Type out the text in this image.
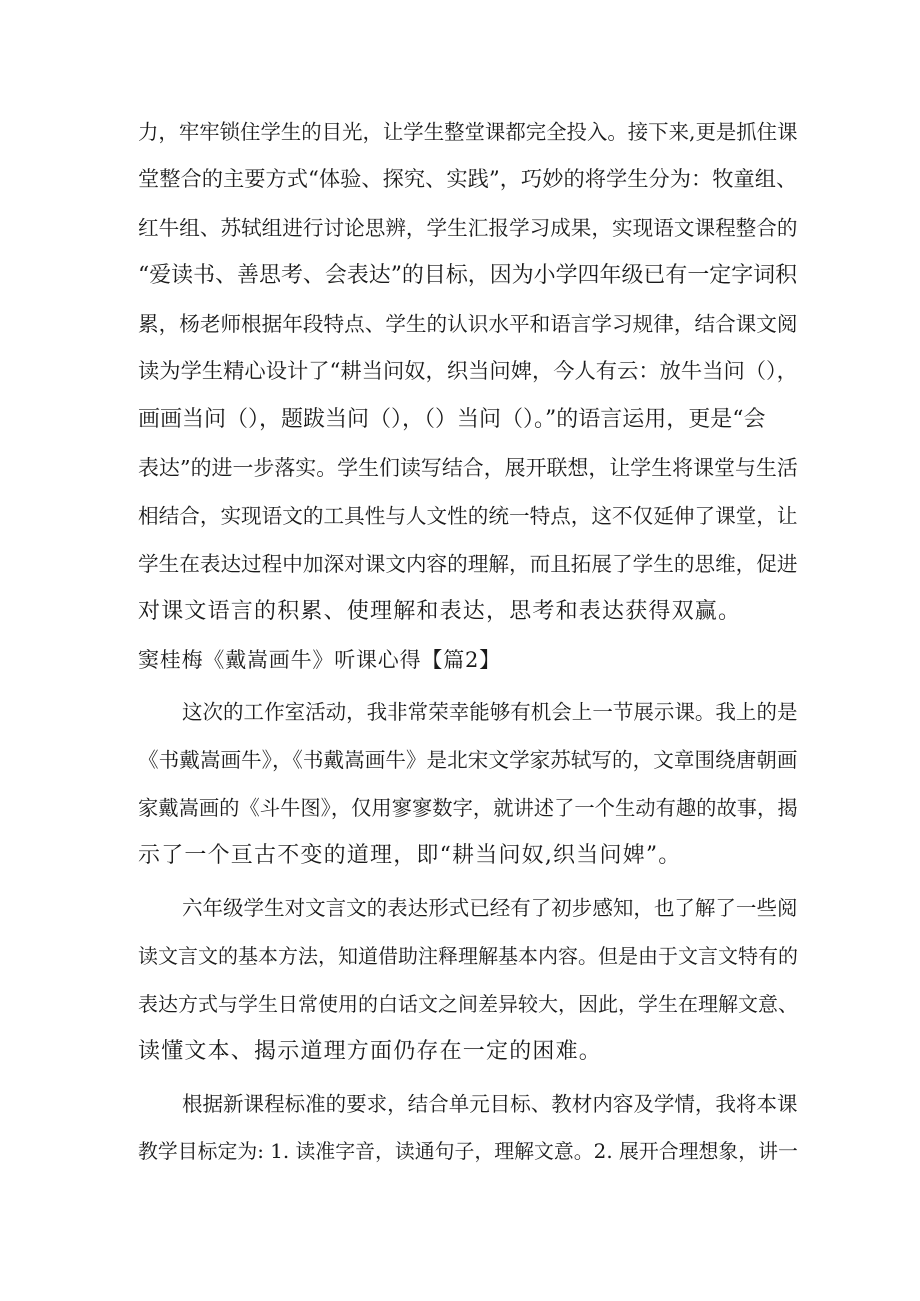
力，牢牢锁住学生的目光，让学生整堂课都完全投入。接下来,更是抓住课
堂整合的主要方式“体验、探究、实践”，巧妙的将学生分为：牧童组、
红牛组、苏轼组进行讨论思辨，学生汇报学习成果，实现语文课程整合的
“爱读书、善思考、会表达”的目标，因为小学四年级已有一定字词积
累，杨老师根据年段特点、学生的认识水平和语言学习规律，结合课文阅
读为学生精心设计了“耕当问奴，织当问婢，今人有云：放牛当问（），
画画当问（），题跋当问（），（）当问（）。”的语言运用，更是“会
表达”的进一步落实。学生们读写结合，展开联想，让学生将课堂与生活
相结合，实现语文的工具性与人文性的统一特点，这不仅延伸了课堂，让
学生在表达过程中加深对课文内容的理解，而且拓展了学生的思维，促进
对课文语言的积累、使理解和表达，思考和表达获得双赢。
窦桂梅《戴嵩画牛》听课心得【篇2】
这次的工作室活动，我非常荣幸能够有机会上一节展示课。我上的是
《书戴嵩画牛》，《书戴嵩画牛》是北宋文学家苏轼写的，文章围绕唐朝画
家戴嵩画的《斗牛图》，仅用寥寥数字，就讲述了一个生动有趣的故事，揭
示了一个亘古不变的道理，即“耕当问奴,织当问婢”。
六年级学生对文言文的表达形式已经有了初步感知，也了解了一些阅
读文言文的基本方法，知道借助注释理解基本内容。但是由于文言文特有的
表达方式与学生日常使用的白话文之间差异较大，因此，学生在理解文意、
读懂文本、揭示道理方面仍存在一定的困难。
根据新课程标准的要求，结合单元目标、教材内容及学情，我将本课
教学目标定为: 1. 读准字音，读通句子，理解文意。2. 展开合理想象，讲一
